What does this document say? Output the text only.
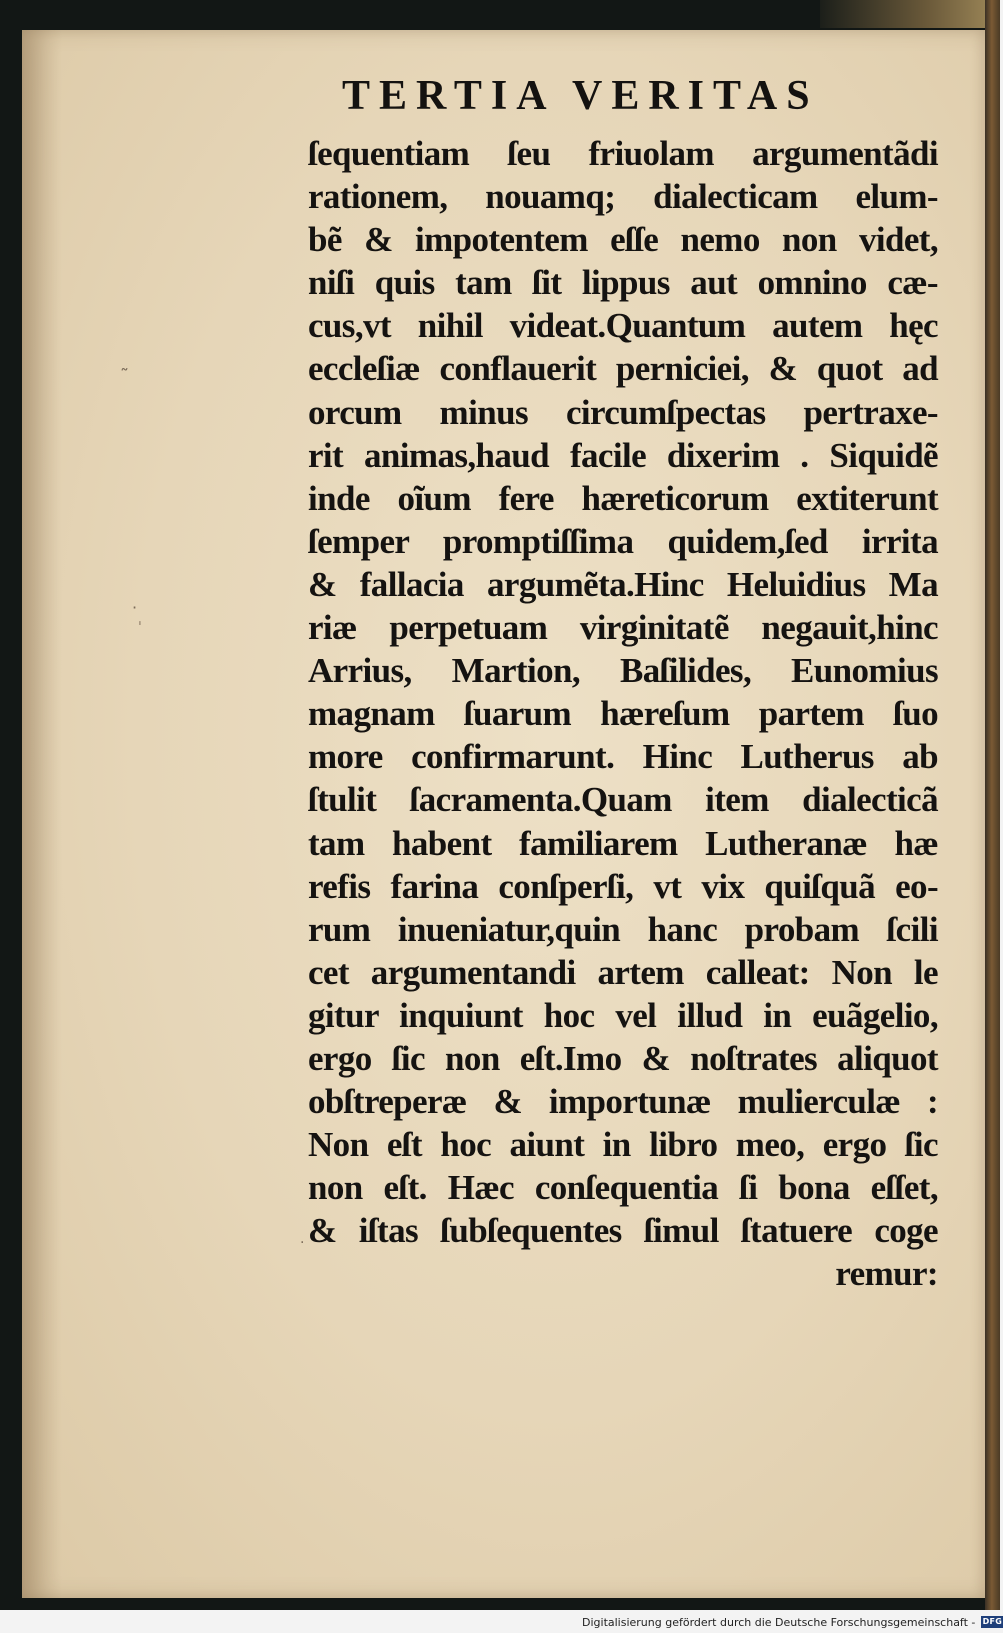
TERTIA VERITAS
ſequentiam ſeu friuolam argumentãdi
rationem, nouamq; dialecticam elum-
bẽ & impotentem eſſe nemo non videt,
niſi quis tam ſit lippus aut omnino cæ-
cus,vt nihil videat.Quantum autem hęc
eccleſiæ conflauerit perniciei, & quot ad
orcum minus circumſpectas pertraxe-
rit animas,haud facile dixerim . Siquidẽ
inde oĩum fere hæreticorum extiterunt
ſemper promptiſſima quidem,ſed irrita
& fallacia argumẽta.Hinc Heluidius Ma
riæ perpetuam virginitatẽ negauit,hinc
Arrius, Martion, Baſilides, Eunomius
magnam ſuarum hæreſum partem ſuo
more confirmarunt. Hinc Lutherus ab
ſtulit ſacramenta.Quam item dialecticã
tam habent familiarem Lutheranæ hæ
refis farina conſperſi, vt vix quiſquã eo-
rum inueniatur,quin hanc probam ſcili
cet argumentandi artem calleat: Non le
gitur inquiunt hoc vel illud in euãgelio,
ergo ſic non eſt.Imo & noſtrates aliquot
obſtreperæ & importunæ mulierculæ :
Non eſt hoc aiunt in libro meo, ergo ſic
non eſt. Hæc conſequentia ſi bona eſſet,
& iſtas ſubſequentes ſimul ſtatuere coge
remur:
˜
·
ˈ
·
Digitalisierung gefördert durch die Deutsche Forschungsgemeinschaft - DFG
